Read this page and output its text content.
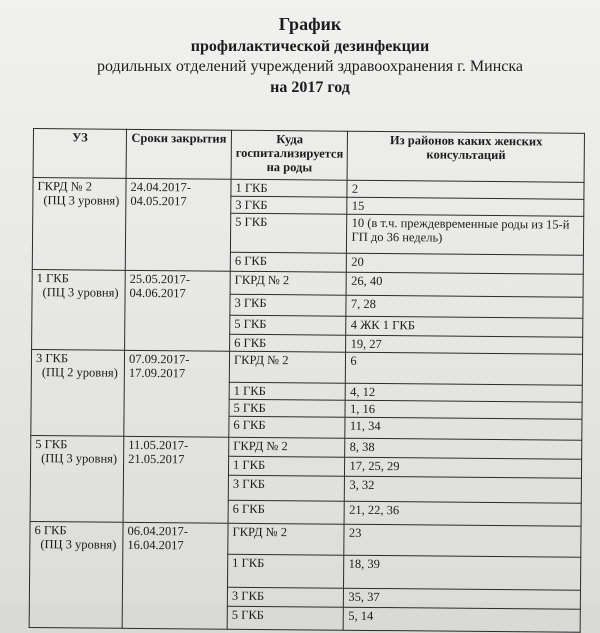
График
профилактической дезинфекции
родильных отделений учреждений здравоохранения г. Минска
на 2017 год
УЗ	Сроки закрытия	Куда госпитализируется на роды	Из районов каких женских консультаций

ГКРД № 2
(ПЦ 3 уровня)	24.04.2017-04.05.2017	1 ГКБ	2
		3 ГКБ	15
		5 ГКБ	10 (в т.ч. преждевременные роды из 15-й ГП до 36 недель)
		6 ГКБ	20

1 ГКБ
(ПЦ 3 уровня)	25.05.2017-04.06.2017	ГКРД № 2	26, 40
		3 ГКБ	7, 28
		5 ГКБ	4 ЖК 1 ГКБ
		6 ГКБ	19, 27

3 ГКБ
(ПЦ 2 уровня)	07.09.2017-17.09.2017	ГКРД № 2	6
		1 ГКБ	4, 12
		5 ГКБ	1, 16
		6 ГКБ	11, 34

5 ГКБ
(ПЦ 3 уровня)	11.05.2017-21.05.2017	ГКРД № 2	8, 38
		1 ГКБ	17, 25, 29
		3 ГКБ	3, 32
		6 ГКБ	21, 22, 36

6 ГКБ
(ПЦ 3 уровня)	06.04.2017-16.04.2017	ГКРД № 2	23
		1 ГКБ	18, 39
		3 ГКБ	35, 37
		5 ГКБ	5, 14
